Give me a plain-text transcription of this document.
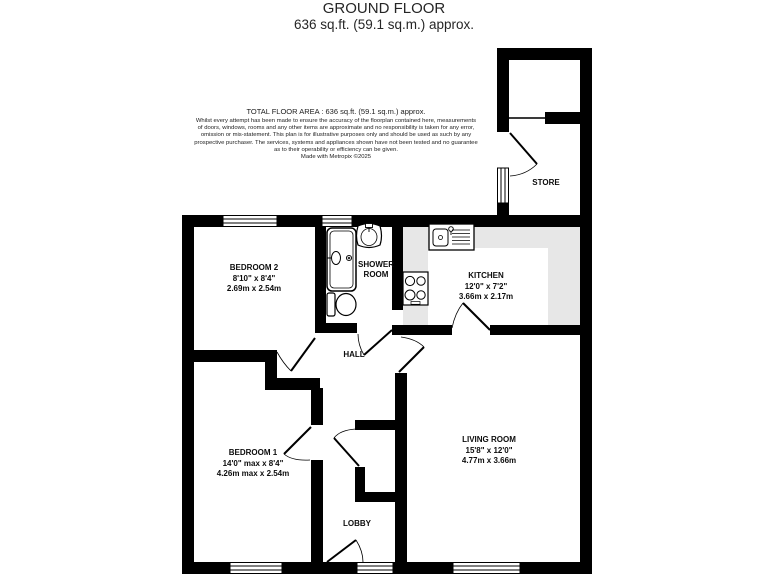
GROUND FLOOR
636 sq.ft. (59.1 sq.m.) approx.
TOTAL FLOOR AREA : 636 sq.ft. (59.1 sq.m.) approx.
Whilst every attempt has been made to ensure the accuracy of the floorplan contained here, measurements
of doors, windows, rooms and any other items are approximate and no responsibility is taken for any error,
omission or mis-statement. This plan is for illustrative purposes only and should be used as such by any
prospective purchaser. The services, systems and appliances shown have not been tested and no guarantee
as to their operability or efficiency can be given.
Made with Metropix ©2025
BEDROOM 2
8'10" x 8'4"
2.69m x 2.54m
SHOWER
ROOM	KITCHEN
12'0" x 7'2"
3.66m x 2.17m
HALL
BEDROOM 1
14'0" max x 8'4"
4.26m max x 2.54m
LIVING ROOM
15'8" x 12'0"
4.77m x 3.66m
LOBBY
STORE
